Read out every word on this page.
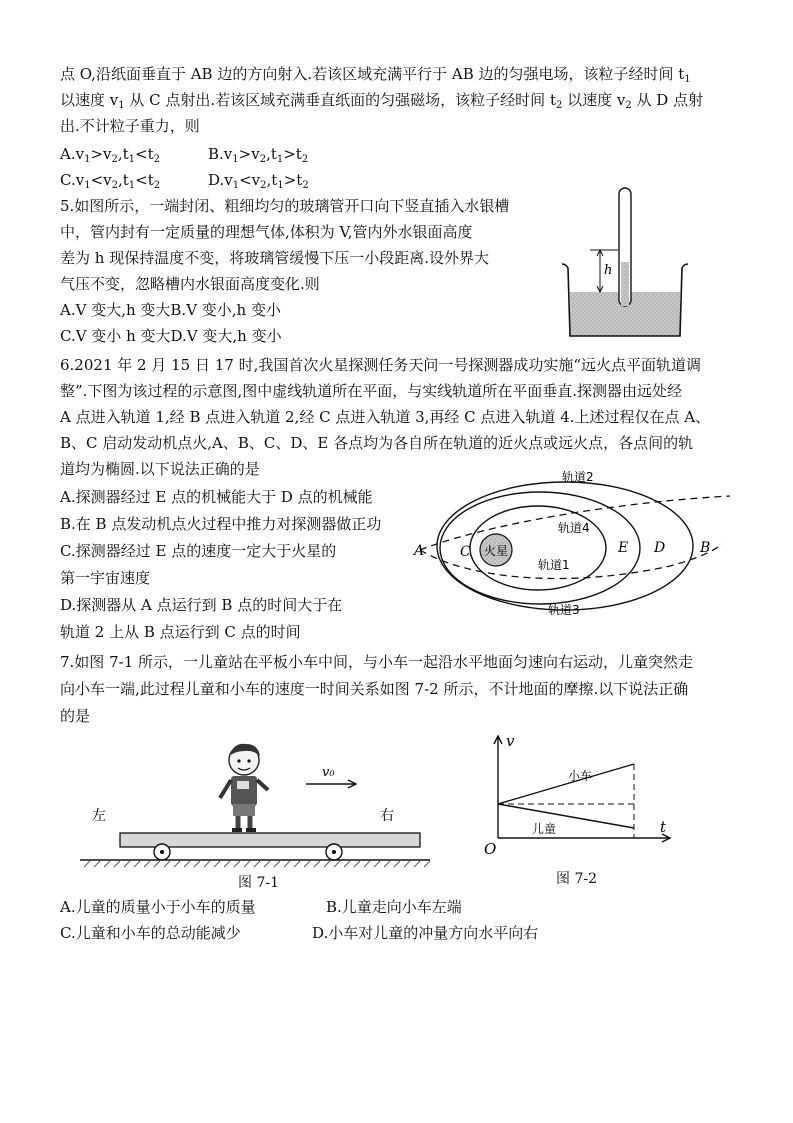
点 O,沿纸面垂直于 AB 边的方向射入.若该区域充满平行于 AB 边的匀强电场，该粒子经时间 $t_1$
以速度 $v_1$ 从 C 点射出.若该区域充满垂直纸面的匀强磁场，该粒子经时间 $t_2$ 以速度 $v_2$ 从 D 点射
出.不计粒子重力，则
$A.v_1>v_2,t_1<t_2$	$B.v_1>v_2,t_1>t_2$
$C.v_1<v_2,t_1<t_2$	$D.v_1<v_2,t_1>t_2$
5.如图所示，一端封闭、粗细均匀的玻璃管开口向下竖直插入水银槽
中，管内封有一定质量的理想气体,体积为 V,管内外水银面高度
差为 h 现保持温度不变，将玻璃管缓慢下压一小段距离.设外界大
气压不变，忽略槽内水银面高度变化.则
A.V 变大,h 变大B.V 变小,h 变小
C.V 变小 h 变大D.V 变大,h 变小
h
6.2021 年 2 月 15 日 17 时,我国首次火星探测任务天问一号探测器成功实施“远火点平面轨道调
整”.下图为该过程的示意图,图中虚线轨道所在平面，与实线轨道所在平面垂直.探测器由远处经
A 点进入轨道 1,经 B 点进入轨道 2,经 C 点进入轨道 3,再经 C 点进入轨道 4.上述过程仅在点 A、
B、C 启动发动机点火,A、B、C、D、E 各点均为各自所在轨道的近火点或远火点，各点间的轨
道均为椭圆.以下说法正确的是
A.探测器经过 E 点的机械能大于 D 点的机械能
B.在 B 点发动机点火过程中推力对探测器做正功
C.探测器经过 E 点的速度一定大于火星的
第一宇宙速度
D.探测器从 A 点运行到 B 点的时间大于在
轨道 2 上从 B 点运行到 C 点的时间
火星
轨道2
轨道4
轨道1
轨道3
A	C	E D B
7.如图 7-1 所示，一儿童站在平板小车中间，与小车一起沿水平地面匀速向右运动，儿童突然走
向小车一端,此过程儿童和小车的速度一时间关系如图 7-2 所示，不计地面的摩擦.以下说法正确
的是
v₀
左	右
图 7-1
v
t
O
小车
儿童
图 7-2
A.儿童的质量小于小车的质量	B.儿童走向小车左端
C.儿童和小车的总动能减少	D.小车对儿童的冲量方向水平向右
